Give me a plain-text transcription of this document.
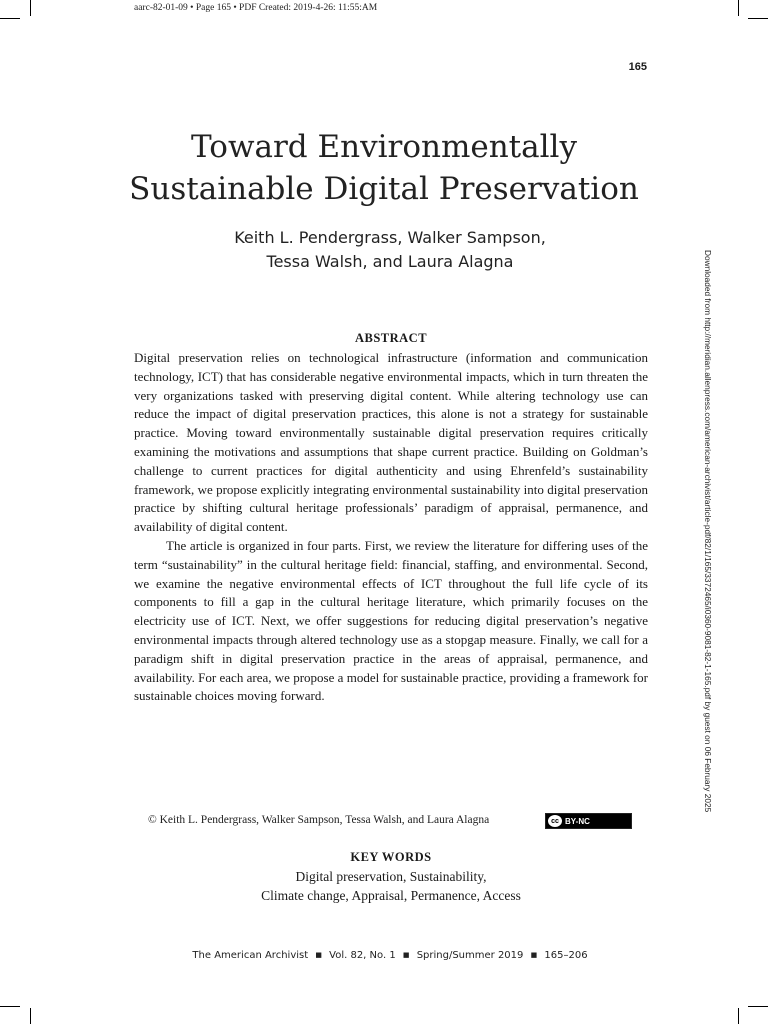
aarc-82-01-09 • Page 165 • PDF Created: 2019-4-26: 11:55:AM
165
Toward Environmentally
Sustainable Digital Preservation

Keith L. Pendergrass, Walker Sampson,
Tessa Walsh, and Laura Alagna	Downloaded from http://meridian.allenpress.com/american-archivist/article-pdf/82/1/165/3372465/i0360-9081-82-1-165.pdf by guest on 06 February 2025
ABSTRACT

Digital preservation relies on technological infrastructure (information and communication technology, ICT) that has considerable negative environmental impacts, which in turn threaten the very organizations tasked with preserving digital content. While altering technology use can reduce the impact of digital preservation practices, this alone is not a strategy for sustainable practice. Moving toward environmentally sustainable digital preservation requires critically examining the motivations and assumptions that shape current practice. Building on Goldman’s challenge to current practices for digital authenticity and using Ehrenfeld’s sustainability framework, we propose explicitly integrating environmental sustainability into digital preservation practice by shifting cultural heritage professionals’ paradigm of appraisal, permanence, and availability of digital content.

The article is organized in four parts. First, we review the literature for differing uses of the term “sustainability” in the cultural heritage field: financial, staffing, and environmental. Second, we examine the negative environmental effects of ICT throughout the full life cycle of its components to fill a gap in the cultural heritage literature, which primarily focuses on the electricity use of ICT. Next, we offer suggestions for reducing digital preservation’s negative environmental impacts through altered technology use as a stopgap measure. Finally, we call for a paradigm shift in digital preservation practice in the areas of appraisal, permanence, and availability. For each area, we propose a model for sustainable practice, providing a framework for sustainable choices moving forward.

© Keith L. Pendergrass, Walker Sampson, Tessa Walsh, and Laura Alagna	cc BY-NC
KEY WORDS

Digital preservation, Sustainability,
Climate change, Appraisal, Permanence, Access

The American Archivist ■ Vol. 82, No. 1 ■ Spring/Summer 2019 ■ 165–206
